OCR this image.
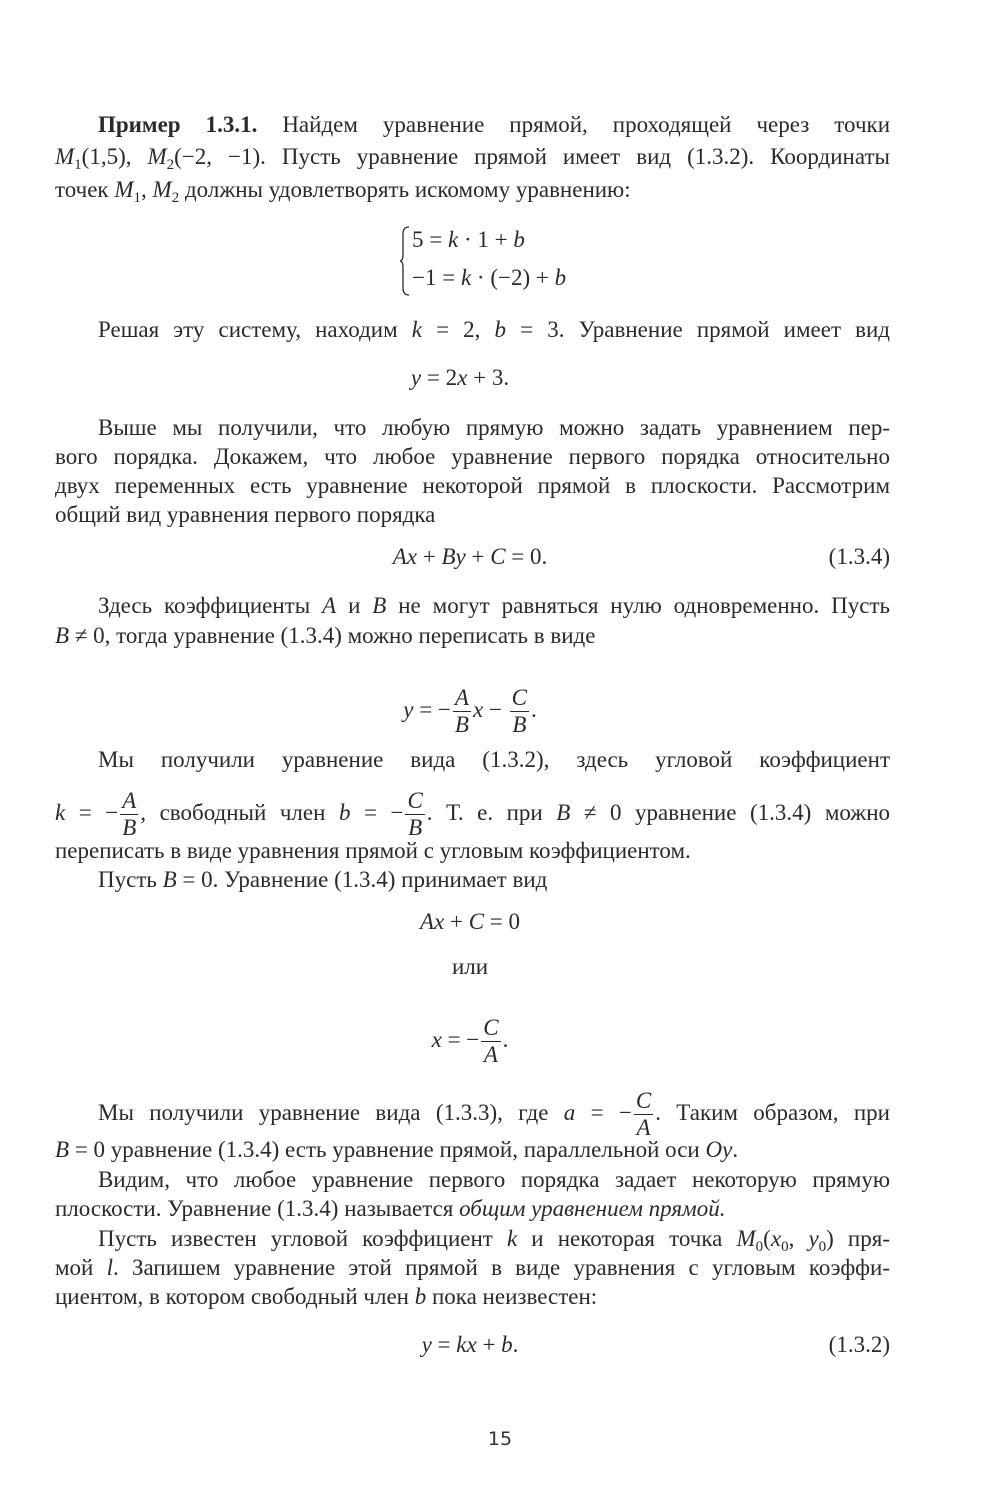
Пример 1.3.1. Найдем уравнение прямой, проходящей через точки
$M_1(1,5)$, $M_2(-2$, −1). Пусть уравнение прямой имеет вид (1.3.2). Координаты
точек $M_1$, $M_2$ должны удовлетворять искомому уравнению:
5 = k · 1 + b
−1 = k · (−2) + b
Решая эту систему, находим k = 2, b = 3. Уравнение прямой имеет вид
y = 2x + 3.
Выше мы получили, что любую прямую можно задать уравнением пер-
вого порядка. Докажем, что любое уравнение первого порядка относительно
двух переменных есть уравнение некоторой прямой в плоскости. Рассмотрим
общий вид уравнения первого порядка
Ax + By + C = 0.
Здесь коэффициенты A и B не могут равняться нулю одновременно. Пусть
B ≠ 0, тогда уравнение (1.3.4) можно переписать в виде
y = − $\frac{A}{B}$ $x - \frac{C}{B}$ .
Мы получили уравнение вида (1.3.2), здесь угловой коэффициент
k = − $\frac{A}{B}$ , свободный член b = − $\frac{C}{B}$ . Т. е. при B ≠ 0 уравнение (1.3.4) можно
переписать в виде уравнения прямой с угловым коэффициентом.
Пусть B = 0. Уравнение (1.3.4) принимает вид
Ax + C = 0
или
x = − $\frac{C}{A}$ .
Мы получили уравнение вида (1.3.3), где a = − $\frac{C}{A}$ . Таким образом, при
B = 0 уравнение (1.3.4) есть уравнение прямой, параллельной оси Oy.
Видим, что любое уравнение первого порядка задает некоторую прямую
плоскости. Уравнение (1.3.4) называется общим уравнением прямой.
Пусть известен угловой коэффициент k и некоторая точка $M_0(x_0$, $y_0$) пря-
мой l. Запишем уравнение этой прямой в виде уравнения с угловым коэффи-
циентом, в котором свободный член b пока неизвестен:
y = kx + b.
(1.3.4)
(1.3.2)
15
